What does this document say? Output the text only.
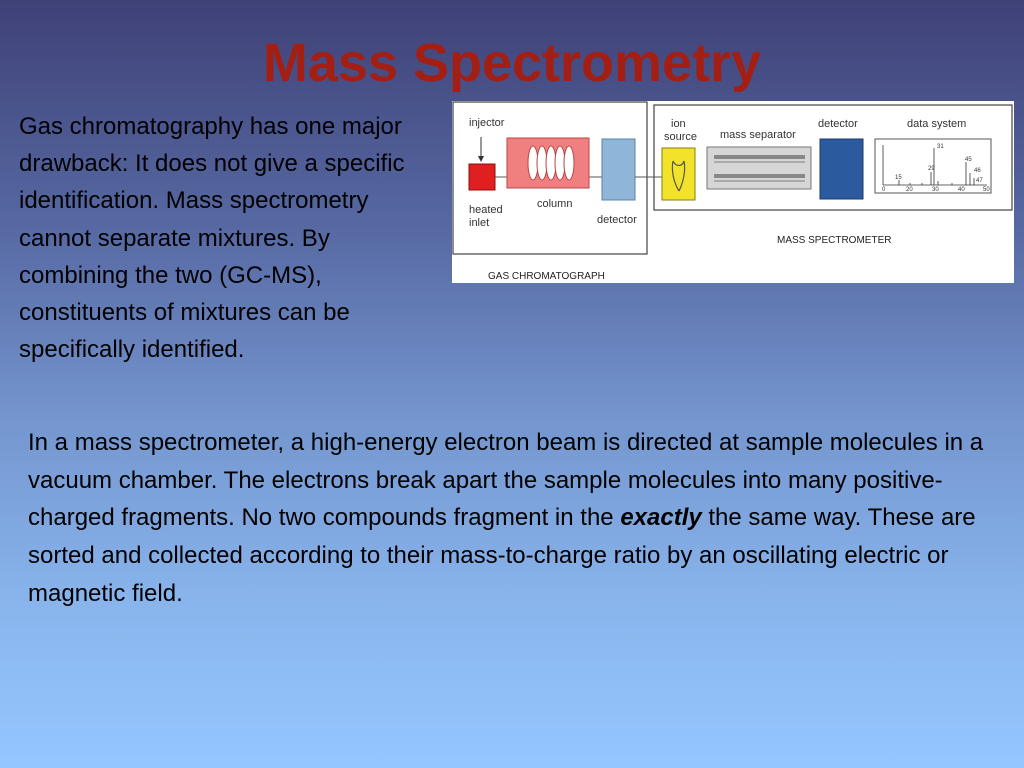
Mass Spectrometry
Gas chromatography has one major drawback: It does not give a specific identification. Mass spectrometry cannot separate mixtures. By combining the two (GC-MS), constituents of mixtures can be specifically identified.
injector
heated
inlet
column
detector
ion
source mass separator
detector	data system
31
29
15
45
46
47
0	20	30	40	50
MASS SPECTROMETER
GAS CHROMATOGRAPH
In a mass spectrometer, a high-energy electron beam is directed at sample molecules in a vacuum chamber. The electrons break apart the sample molecules into many positive-charged fragments. No two compounds fragment in the exactly the same way. These are sorted and collected according to their mass-to-charge ratio by an oscillating electric or magnetic field.
